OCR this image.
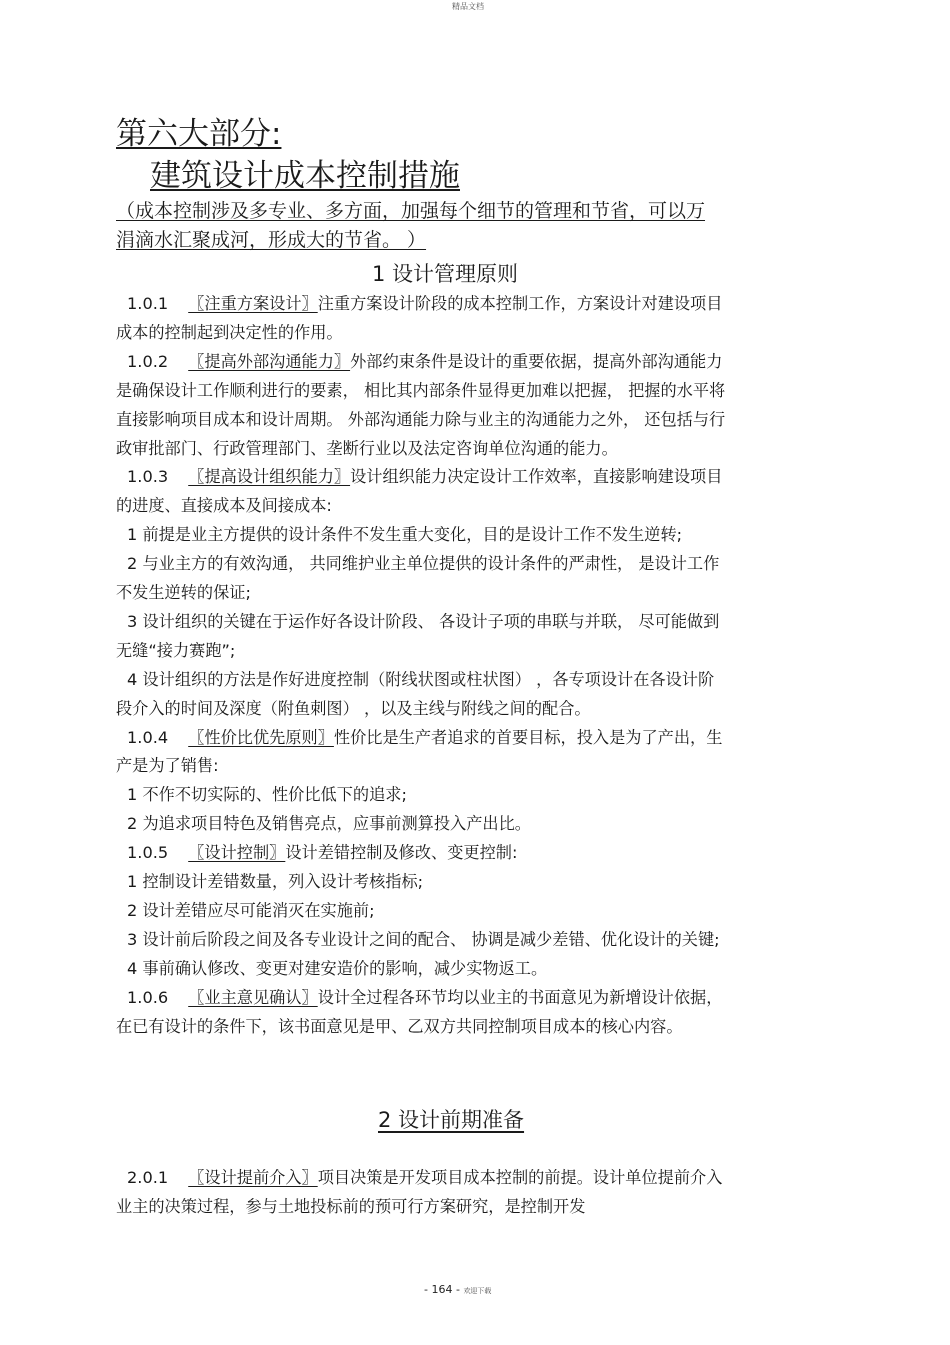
精品文档
第六大部分:
建筑设计成本控制措施
（成本控制涉及多专业、多方面，加强每个细节的管理和节省，可以万
涓滴水汇聚成河，形成大的节省。 ）
1 设计管理原则
1.0.1 〖注重方案设计〗注重方案设计阶段的成本控制工作，方案设计对建设项目
成本的控制起到决定性的作用。
1.0.2 〖提高外部沟通能力〗外部约束条件是设计的重要依据，提高外部沟通能力
是确保设计工作顺利进行的要素， 相比其内部条件显得更加难以把握， 把握的水平将
直接影响项目成本和设计周期。 外部沟通能力除与业主的沟通能力之外， 还包括与行
政审批部门、行政管理部门、垄断行业以及法定咨询单位沟通的能力。
1.0.3 〖提高设计组织能力〗设计组织能力决定设计工作效率，直接影响建设项目
的进度、直接成本及间接成本:
1 前提是业主方提供的设计条件不发生重大变化，目的是设计工作不发生逆转;
2 与业主方的有效沟通， 共同维护业主单位提供的设计条件的严肃性， 是设计工作
不发生逆转的保证;
3 设计组织的关键在于运作好各设计阶段、 各设计子项的串联与并联， 尽可能做到
无缝“接力赛跑”;
4 设计组织的方法是作好进度控制（附线状图或柱状图） ，各专项设计在各设计阶
段介入的时间及深度（附鱼刺图） ，以及主线与附线之间的配合。
1.0.4 〖性价比优先原则〗性价比是生产者追求的首要目标，投入是为了产出，生
产是为了销售:
1 不作不切实际的、性价比低下的追求;
2 为追求项目特色及销售亮点，应事前测算投入产出比。
1.0.5 〖设计控制〗设计差错控制及修改、变更控制:
1 控制设计差错数量，列入设计考核指标;
2 设计差错应尽可能消灭在实施前;
3 设计前后阶段之间及各专业设计之间的配合、 协调是减少差错、优化设计的关键;
4 事前确认修改、变更对建安造价的影响，减少实物返工。
1.0.6 〖业主意见确认〗设计全过程各环节均以业主的书面意见为新增设计依据，
在已有设计的条件下，该书面意见是甲、乙双方共同控制项目成本的核心内容。
2 设计前期准备
2.0.1 〖设计提前介入〗项目决策是开发项目成本控制的前提。设计单位提前介入
业主的决策过程，参与土地投标前的预可行方案研究，是控制开发
- 164 - 欢迎下载
